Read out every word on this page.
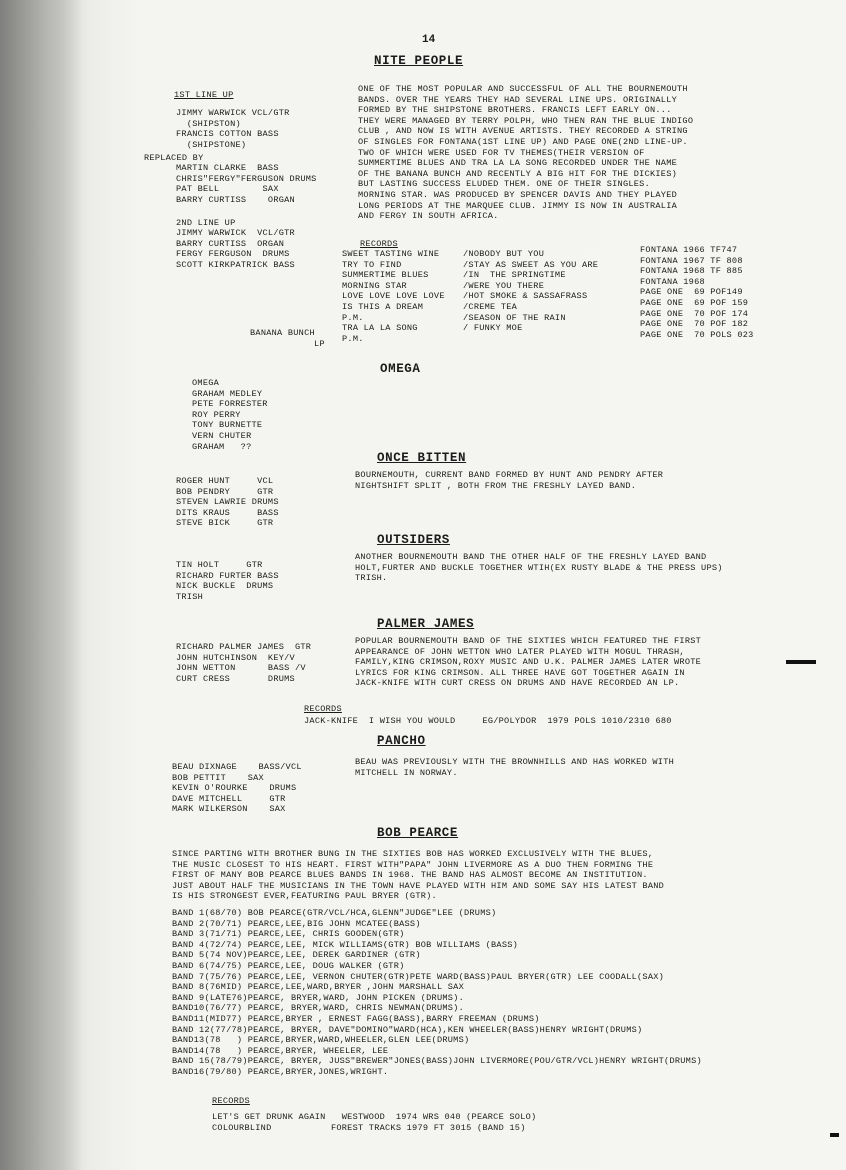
14
NITE PEOPLE
1ST LINE UP
JIMMY WARWICK VCL/GTR
(SHIPSTON)
FRANCIS COTTON BASS
(SHIPSTONE)
REPLACED BY
MARTIN CLARKE  BASS
CHRIS"FERGY"FERGUSON DRUMS
PAT BELL        SAX
BARRY CURTISS    ORGAN
2ND LINE UP
JIMMY WARWICK  VCL/GTR
BARRY CURTISS  ORGAN
FERGY FERGUSON  DRUMS
SCOTT KIRKPATRICK BASS
ONE OF THE MOST POPULAR AND SUCCESSFUL OF ALL THE BOURNEMOUTH
BANDS. OVER THE YEARS THEY HAD SEVERAL LINE UPS. ORIGINALLY
FORMED BY THE SHIPSTONE BROTHERS. FRANCIS LEFT EARLY ON...
THEY WERE MANAGED BY TERRY POLPH, WHO THEN RAN THE BLUE INDIGO
CLUB , AND NOW IS WITH AVENUE ARTISTS. THEY RECORDED A STRING
OF SINGLES FOR FONTANA(1ST LINE UP) AND PAGE ONE(2ND LINE-UP.
TWO OF WHICH WERE USED FOR TV THEMES(THEIR VERSION OF
SUMMERTIME BLUES AND TRA LA LA SONG RECORDED UNDER THE NAME
OF THE BANANA BUNCH AND RECENTLY A BIG HIT FOR THE DICKIES)
BUT LASTING SUCCESS ELUDED THEM. ONE OF THEIR SINGLES.
MORNING STAR. WAS PRODUCED BY SPENCER DAVIS AND THEY PLAYED
LONG PERIODS AT THE MARQUEE CLUB. JIMMY IS NOW IN AUSTRALIA
AND FERGY IN SOUTH AFRICA.
RECORDS
SWEET TASTING WINE
TRY TO FIND
SUMMERTIME BLUES
MORNING STAR
LOVE LOVE LOVE LOVE
IS THIS A DREAM
P.M.
TRA LA LA SONG
P.M.
/NOBODY BUT YOU
/STAY AS SWEET AS YOU ARE
/IN  THE SPRINGTIME
/WERE YOU THERE
/HOT SMOKE & SASSAFRASS
/CREME TEA
/SEASON OF THE RAIN
/ FUNKY MOE
FONTANA 1966 TF747
FONTANA 1967 TF 808
FONTANA 1968 TF 885
FONTANA 1968
PAGE ONE  69 POF149
PAGE ONE  69 POF 159
PAGE ONE  70 POF 174
PAGE ONE  70 POF 182
PAGE ONE  70 POLS 023
BANANA BUNCH
LP
OMEGA
OMEGA
GRAHAM MEDLEY
PETE FORRESTER
ROY PERRY
TONY BURNETTE
VERN CHUTER
GRAHAM   ??
ONCE BITTEN
ROGER HUNT     VCL
BOB PENDRY     GTR
STEVEN LAWRIE DRUMS
DITS KRAUS     BASS
STEVE BICK     GTR
BOURNEMOUTH, CURRENT BAND FORMED BY HUNT AND PENDRY AFTER
NIGHTSHIFT SPLIT , BOTH FROM THE FRESHLY LAYED BAND.
OUTSIDERS
TIN HOLT     GTR
RICHARD FURTER BASS
NICK BUCKLE  DRUMS
TRISH
ANOTHER BOURNEMOUTH BAND THE OTHER HALF OF THE FRESHLY LAYED BAND
HOLT,FURTER AND BUCKLE TOGETHER WTIH(EX RUSTY BLADE & THE PRESS UPS)
TRISH.
PALMER JAMES
RICHARD PALMER JAMES  GTR
JOHN HUTCHINSON  KEY/V
JOHN WETTON      BASS /V
CURT CRESS       DRUMS
POPULAR BOURNEMOUTH BAND OF THE SIXTIES WHICH FEATURED THE FIRST
APPEARANCE OF JOHN WETTON WHO LATER PLAYED WITH MOGUL THRASH,
FAMILY,KING CRIMSON,ROXY MUSIC AND U.K. PALMER JAMES LATER WROTE
LYRICS FOR KING CRIMSON. ALL THREE HAVE GOT TOGETHER AGAIN IN
JACK-KNIFE WITH CURT CRESS ON DRUMS AND HAVE RECORDED AN LP.
RECORDS
JACK-KNIFE  I WISH YOU WOULD     EG/POLYDOR  1979 POLS 1010/2310 680
PANCHO
BEAU DIXNAGE    BASS/VCL
BOB PETTIT    SAX
KEVIN O'ROURKE    DRUMS
DAVE MITCHELL     GTR
MARK WILKERSON    SAX
BEAU WAS PREVIOUSLY WITH THE BROWNHILLS AND HAS WORKED WITH
MITCHELL IN NORWAY.
BOB PEARCE
SINCE PARTING WITH BROTHER BUNG IN THE SIXTIES BOB HAS WORKED EXCLUSIVELY WITH THE BLUES,
THE MUSIC CLOSEST TO HIS HEART. FIRST WITH"PAPA" JOHN LIVERMORE AS A DUO THEN FORMING THE
FIRST OF MANY BOB PEARCE BLUES BANDS IN 1968. THE BAND HAS ALMOST BECOME AN INSTITUTION.
JUST ABOUT HALF THE MUSICIANS IN THE TOWN HAVE PLAYED WITH HIM AND SOME SAY HIS LATEST BAND
IS HIS STRONGEST EVER,FEATURING PAUL BRYER (GTR).
BAND 1(68/70) BOB PEARCE(GTR/VCL/HCA,GLENN"JUDGE"LEE (DRUMS)
BAND 2(70/71) PEARCE,LEE,BIG JOHN MCATEE(BASS)
BAND 3(71/71) PEARCE,LEE, CHRIS GOODEN(GTR)
BAND 4(72/74) PEARCE,LEE, MICK WILLIAMS(GTR) BOB WILLIAMS (BASS)
BAND 5(74 NOV)PEARCE,LEE, DEREK GARDINER (GTR)
BAND 6(74/75) PEARCE,LEE, DOUG WALKER (GTR)
BAND 7(75/76) PEARCE,LEE, VERNON CHUTER(GTR)PETE WARD(BASS)PAUL BRYER(GTR) LEE COODALL(SAX)
BAND 8(76MID) PEARCE,LEE,WARD,BRYER ,JOHN MARSHALL SAX
BAND 9(LATE76)PEARCE, BRYER,WARD, JOHN PICKEN (DRUMS).
BAND10(76/77) PEARCE, BRYER,WARD, CHRIS NEWMAN(DRUMS).
BAND11(MID77) PEARCE,BRYER , ERNEST FAGG(BASS),BARRY FREEMAN (DRUMS)
BAND 12(77/78)PEARCE, BRYER, DAVE"DOMINO"WARD(HCA),KEN WHEELER(BASS)HENRY WRIGHT(DRUMS)
BAND13(78   ) PEARCE,BRYER,WARD,WHEELER,GLEN LEE(DRUMS)
BAND14(78   ) PEARCE,BRYER, WHEELER, LEE
BAND 15(78/79)PEARCE, BRYER, JUSS"BREWER"JONES(BASS)JOHN LIVERMORE(POU/GTR/VCL)HENRY WRIGHT(DRUMS)
BAND16(79/80) PEARCE,BRYER,JONES,WRIGHT.
RECORDS
LET'S GET DRUNK AGAIN   WESTWOOD  1974 WRS 040 (PEARCE SOLO)
COLOURBLIND           FOREST TRACKS 1979 FT 3015 (BAND 15)
